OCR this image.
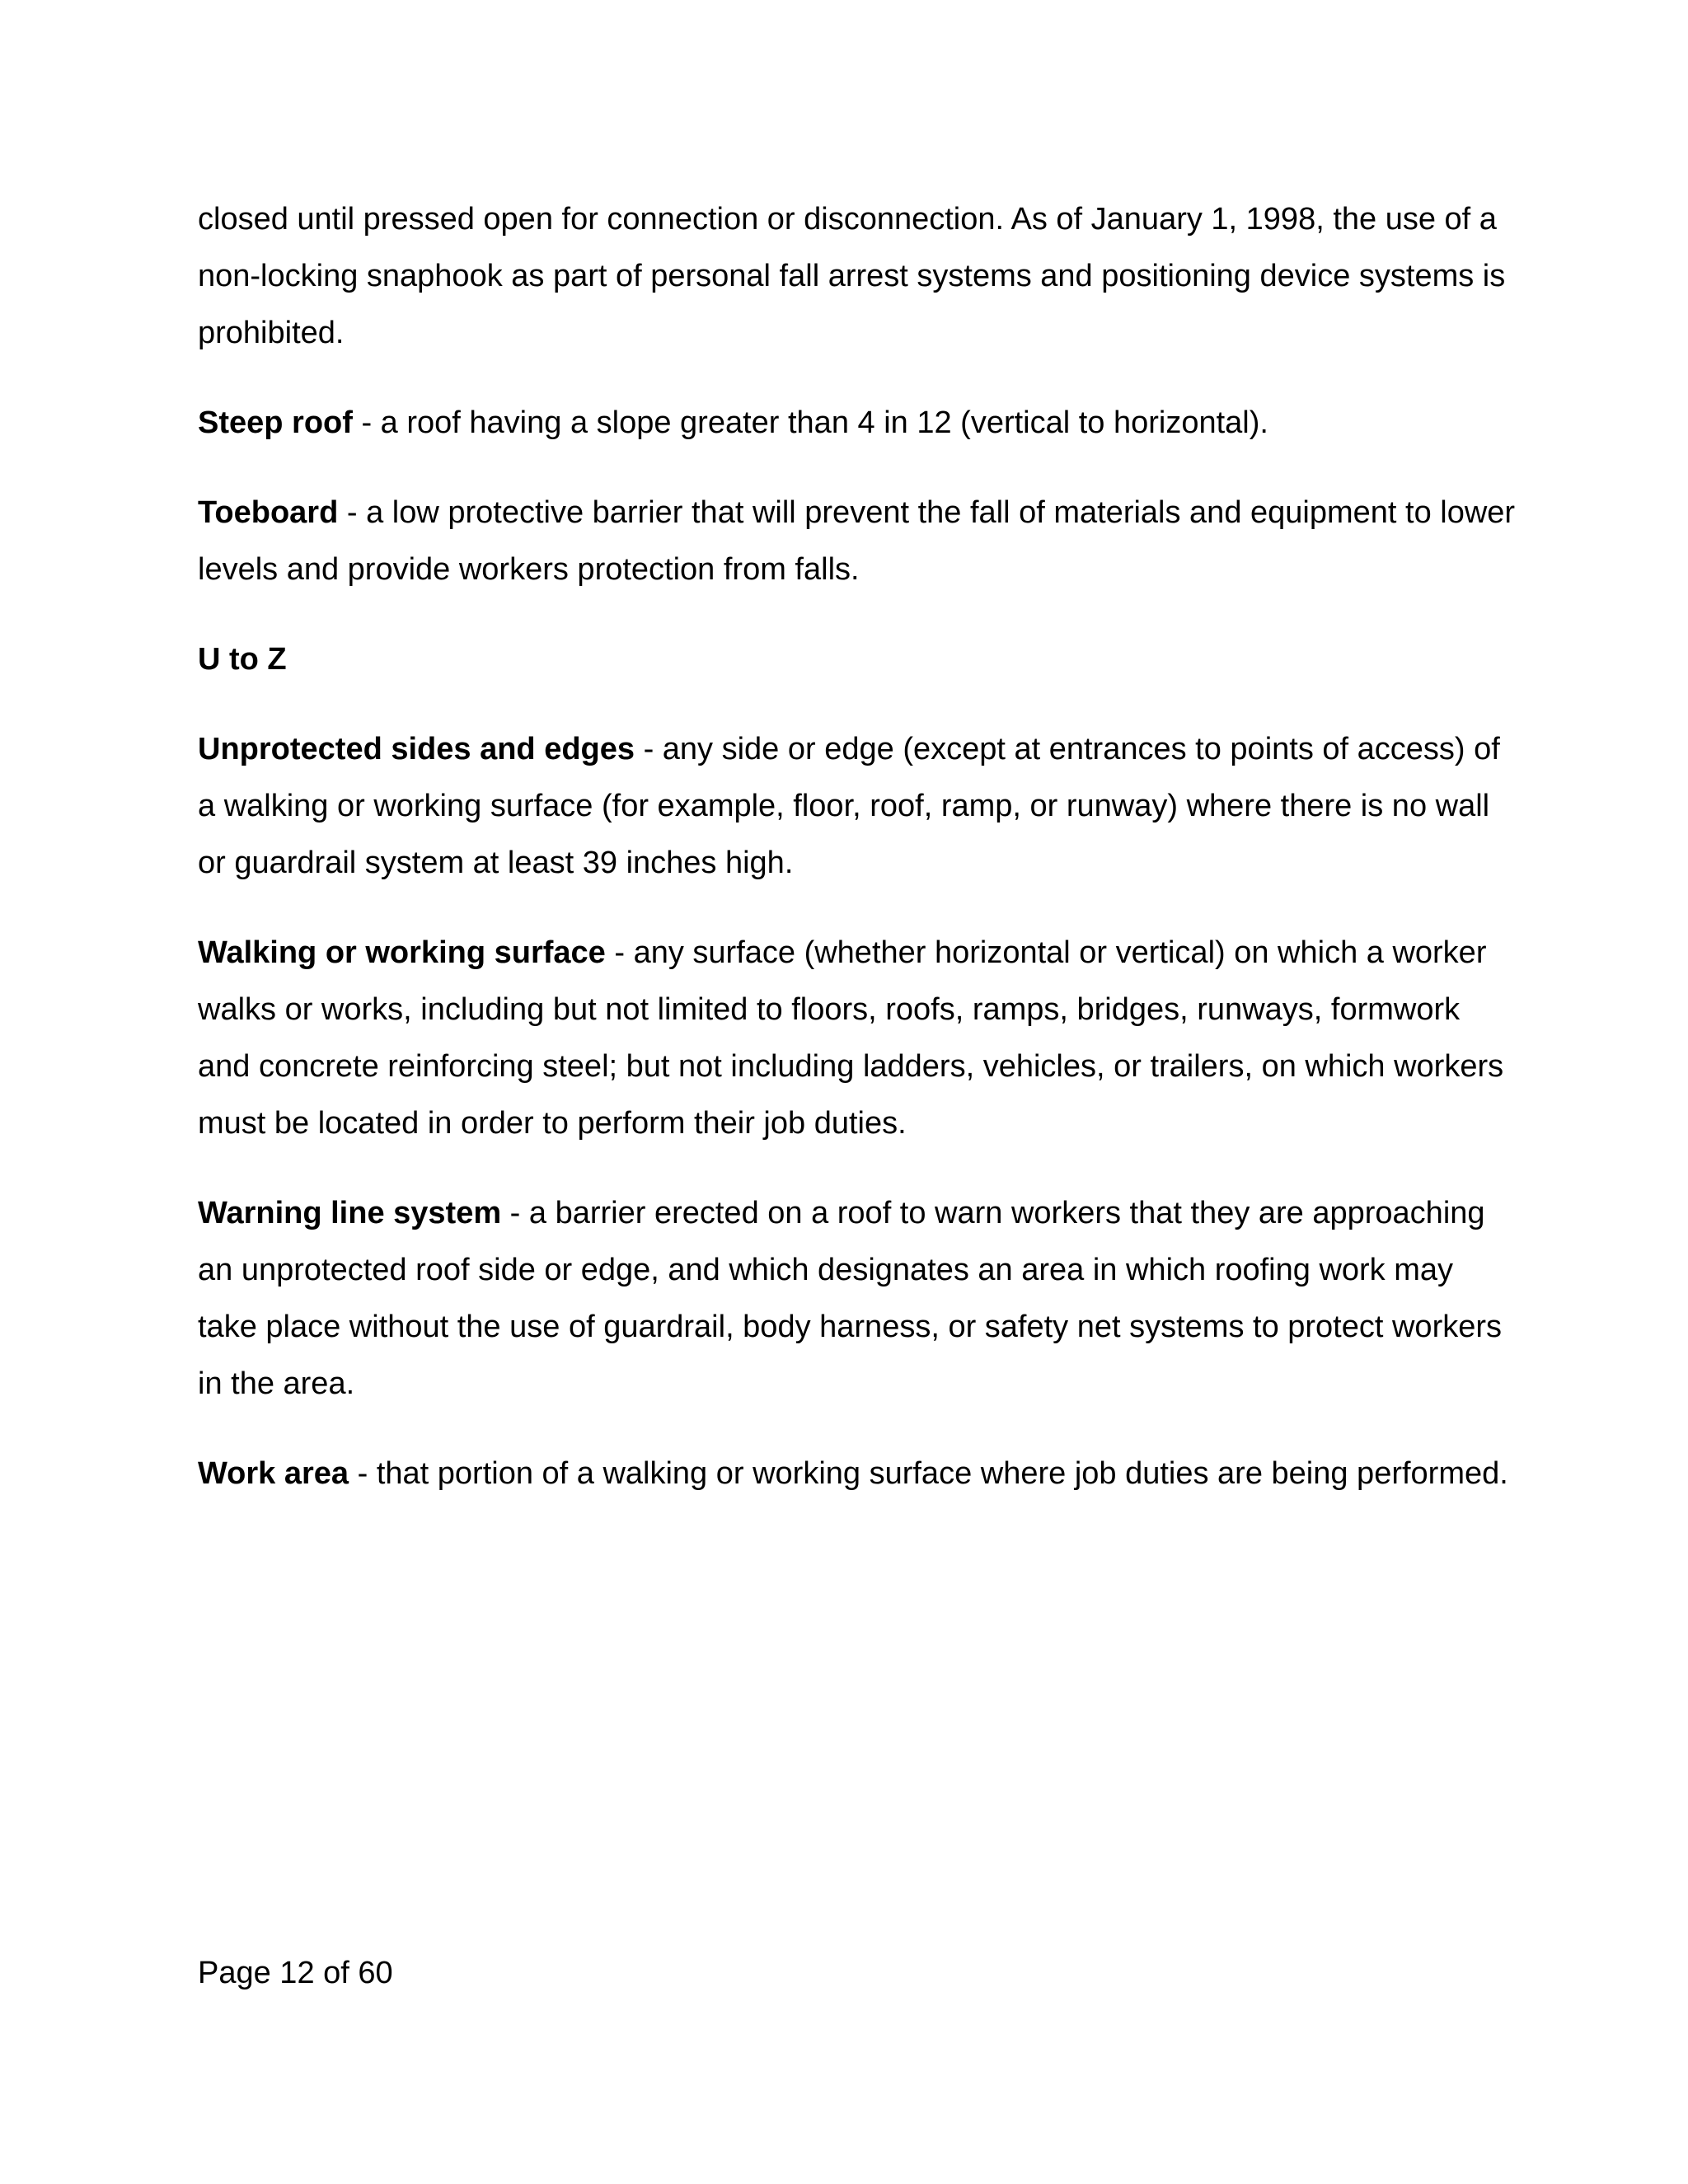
closed until pressed open for connection or disconnection. As of January 1, 1998, the use of a non-locking snaphook as part of personal fall arrest systems and positioning device systems is prohibited.

Steep roof - a roof having a slope greater than 4 in 12 (vertical to horizontal).

Toeboard - a low protective barrier that will prevent the fall of materials and equipment to lower levels and provide workers protection from falls.

U to Z

Unprotected sides and edges - any side or edge (except at entrances to points of access) of a walking or working surface (for example, floor, roof, ramp, or runway) where there is no wall or guardrail system at least 39 inches high.

Walking or working surface - any surface (whether horizontal or vertical) on which a worker walks or works, including but not limited to floors, roofs, ramps, bridges, runways, formwork and concrete reinforcing steel; but not including ladders, vehicles, or trailers, on which workers must be located in order to perform their job duties.

Warning line system - a barrier erected on a roof to warn workers that they are approaching an unprotected roof side or edge, and which designates an area in which roofing work may take place without the use of guardrail, body harness, or safety net systems to protect workers in the area.

Work area - that portion of a walking or working surface where job duties are being performed.

Page 12 of 60
